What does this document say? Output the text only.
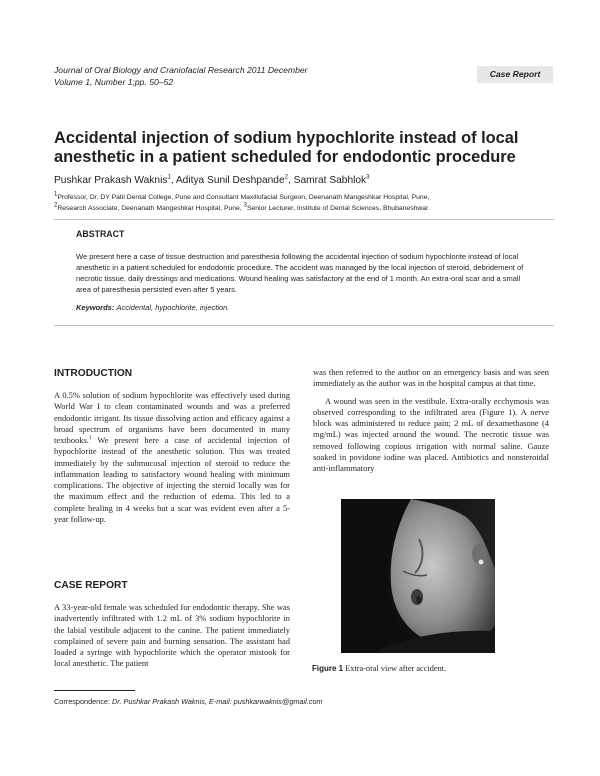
Journal of Oral Biology and Craniofacial Research 2011 December
Volume 1, Number 1;pp. 50–52
Case Report
Accidental injection of sodium hypochlorite instead of local anesthetic in a patient scheduled for endodontic procedure
Pushkar Prakash Waknis$^1$, Aditya Sunil Deshpande$^2$, Samrat Sabhlok$^3$
$^1$Professor, Dr. DY Patil Dental College, Pune and Consultant Maxillofacial Surgeon, Deenanath Mangeshkar Hospital, Pune,
$^2$Research Associate, Deenanath Mangeshkar Hospital, Pune, $^3$Senior Lecturer, Institute of Dental Sciences, Bhubaneshwar.
ABSTRACT
We present here a case of tissue destruction and paresthesia following the accidental injection of sodium hypochlorite instead of local anesthetic in a patient scheduled for endodontic procedure. The accident was managed by the local injection of steroid, debridement of necrotic tissue, daily dressings and medications. Wound healing was satisfactory at the end of 1 month. An extra-oral scar and a small area of paresthesia persisted even after 5 years.
Keywords: Accidental, hypochlorite, injection.
INTRODUCTION

A 0.5% solution of sodium hypochlorite was effectively used during World War I to clean contaminated wounds and was a preferred endodontic irrigant. Its tissue dissolving action and efficacy against a broad spectrum of organisms have been documented in many textbooks.$^1$ We present here a case of accidental injection of hypochlorite instead of the anesthetic solution. This was treated immediately by the submucosal injection of steroid to reduce the inflammation leading to satisfactory wound healing with minimum complications. The objective of injecting the steroid locally was for the maximum effect and the reduction of edema. This led to a complete healing in 4 weeks but a scar was evident even after a 5-year follow-up.

CASE REPORT

A 33-year-old female was scheduled for endodontic therapy. She was inadvertently infiltrated with 1.2 mL of 3% sodium hypochlorite in the labial vestibule adjacent to the canine. The patient immediately complained of severe pain and burning sensation. The assistant had loaded a syringe with hypochlorite which the operator mistook for local anesthetic. The patient

was then referred to the author on an emergency basis and was seen immediately as the author was in the hospital campus at that time.

A wound was seen in the vestibule. Extra-orally ecchymosis was observed corresponding to the infiltrated area (Figure 1). A nerve block was administered to reduce pain; 2 mL of dexamethasone (4 mg/mL) was injected around the wound. The necrotic tissue was removed following copious irrigation with normal saline. Gauze soaked in povidone iodine was placed. Antibiotics and nonsteroidal anti-inflammatory

Figure 1 Extra-oral view after accident.
Correspondence: Dr. Pushkar Prakash Waknis, E-mail: pushkarwaknis@gmail.com
